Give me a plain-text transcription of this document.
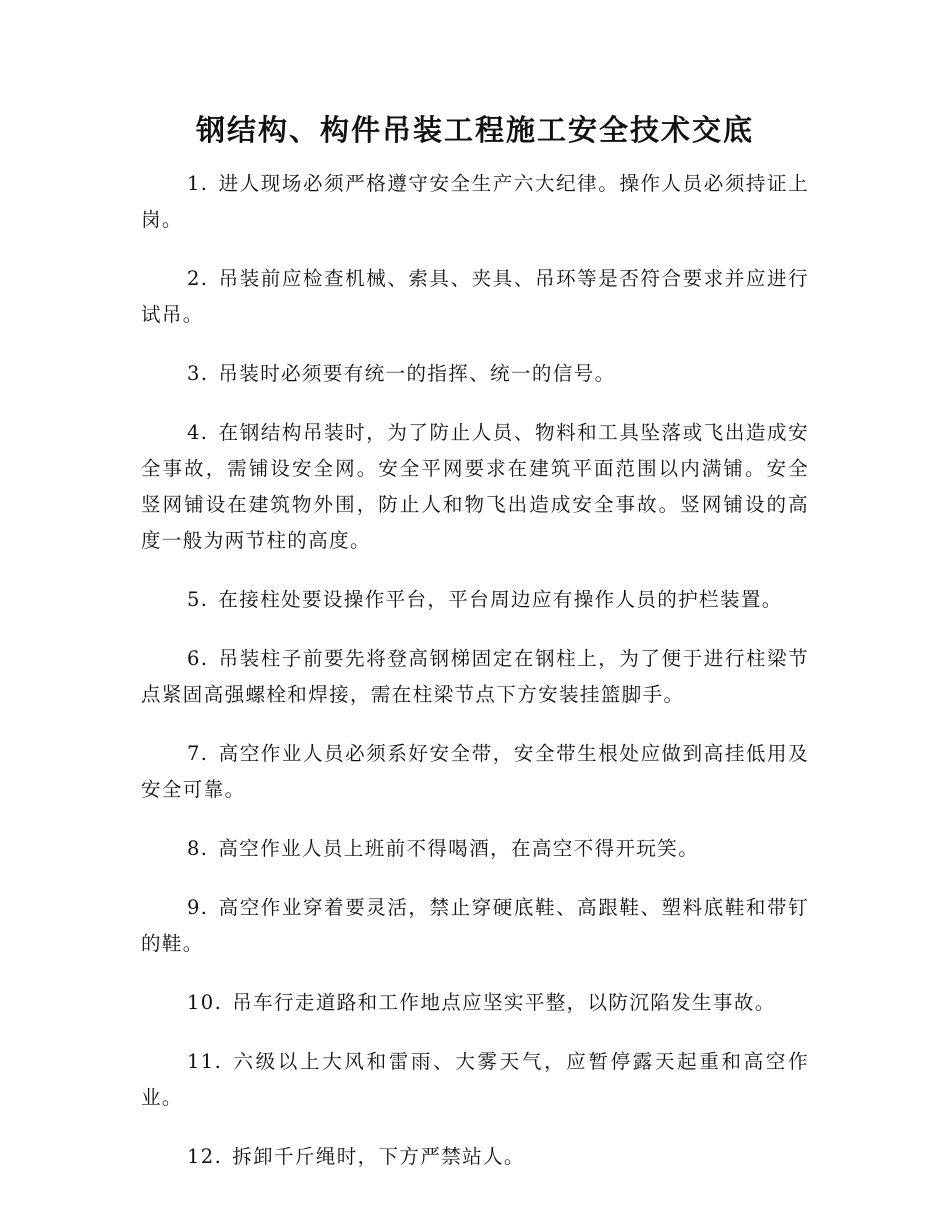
钢结构、构件吊装工程施工安全技术交底

1. 进人现场必须严格遵守安全生产六大纪律。操作人员必须持证上岗。

2. 吊装前应检查机械、索具、夹具、吊环等是否符合要求并应进行试吊。

3. 吊装时必须要有统一的指挥、统一的信号。

4. 在钢结构吊装时，为了防止人员、物料和工具坠落或飞出造成安全事故，需铺设安全网。安全平网要求在建筑平面范围以内满铺。安全竖网铺设在建筑物外围，防止人和物飞出造成安全事故。竖网铺设的高度一般为两节柱的高度。

5. 在接柱处要设操作平台，平台周边应有操作人员的护栏装置。

6. 吊装柱子前要先将登高钢梯固定在钢柱上，为了便于进行柱梁节点紧固高强螺栓和焊接，需在柱梁节点下方安装挂篮脚手。

7. 高空作业人员必须系好安全带，安全带生根处应做到高挂低用及安全可靠。

8. 高空作业人员上班前不得喝酒，在高空不得开玩笑。

9. 高空作业穿着要灵活，禁止穿硬底鞋、高跟鞋、塑料底鞋和带钉的鞋。

10. 吊车行走道路和工作地点应坚实平整，以防沉陷发生事故。

11. 六级以上大风和雷雨、大雾天气，应暂停露天起重和高空作业。

12. 拆卸千斤绳时，下方严禁站人。
